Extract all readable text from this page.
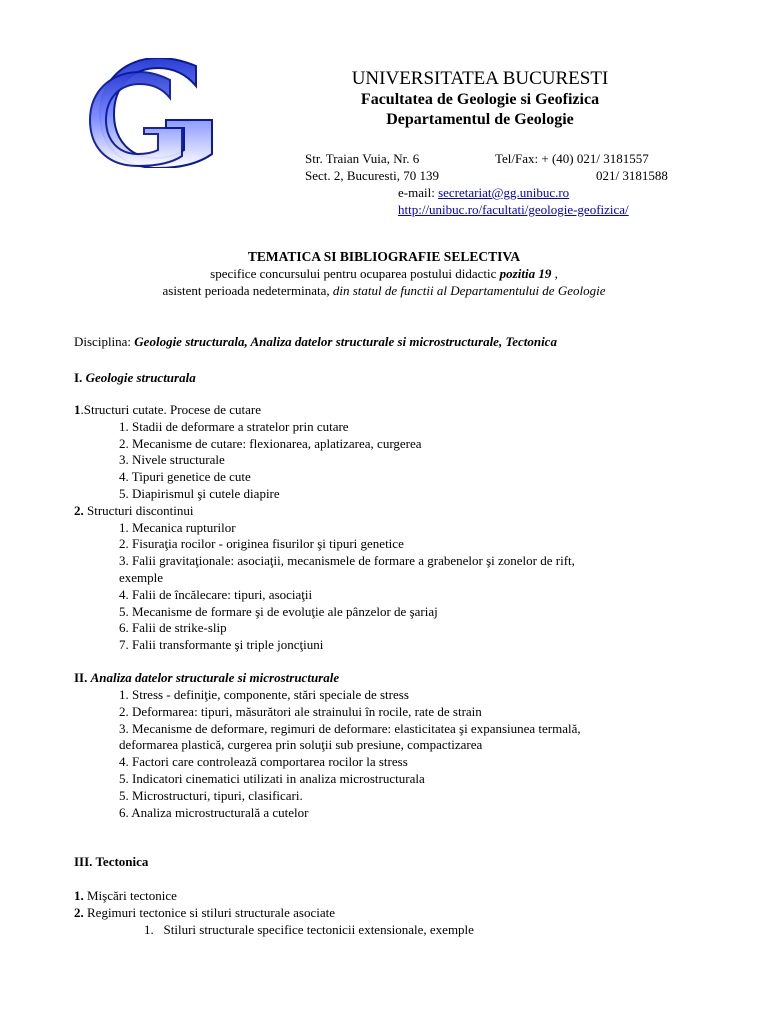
UNIVERSITATEA BUCURESTI
Facultatea de Geologie si Geofizica
Departamentul de Geologie
Str. Traian Vuia, Nr. 6	Tel/Fax: + (40) 021/ 3181557
Sect. 2, Bucuresti, 70 139	021/ 3181588
e-mail: secretariat@gg.unibuc.ro
http://unibuc.ro/facultati/geologie-geofizica/
TEMATICA SI BIBLIOGRAFIE SELECTIVA
specifice concursului pentru ocuparea postului didactic pozitia 19 ,
asistent perioada nedeterminata, din statul de functii al Departamentului de Geologie
Disciplina: Geologie structurala, Analiza datelor structurale si microstructurale, Tectonica
I. Geologie structurala
1.Structuri cutate. Procese de cutare
1. Stadii de deformare a stratelor prin cutare
2. Mecanisme de cutare: flexionarea, aplatizarea, curgerea
3. Nivele structurale
4. Tipuri genetice de cute
5. Diapirismul şi cutele diapire
2. Structuri discontinui
1. Mecanica rupturilor
2. Fisuraţia rocilor - originea fisurilor şi tipuri genetice
3. Falii gravitaţionale: asociaţii, mecanismele de formare a grabenelor şi zonelor de rift,
exemple
4. Falii de încălecare: tipuri, asociaţii
5. Mecanisme de formare şi de evoluţie ale pânzelor de şariaj
6. Falii de strike-slip
7. Falii transformante şi triple joncţiuni
II. Analiza datelor structurale si microstructurale
1. Stress - definiţie, componente, stări speciale de stress
2. Deformarea: tipuri, măsurători ale strainului în rocile, rate de strain
3. Mecanisme de deformare, regimuri de deformare: elasticitatea şi expansiunea termală,
deformarea plastică, curgerea prin soluţii sub presiune, compactizarea
4. Factori care controlează comportarea rocilor la stress
5. Indicatori cinematici utilizati in analiza microstructurala
5. Microstructuri, tipuri, clasificari.
6. Analiza microstructurală a cutelor
III. Tectonica
1. Mişcări tectonice
2. Regimuri tectonice si stiluri structurale asociate
1. Stiluri structurale specifice tectonicii extensionale, exemple
